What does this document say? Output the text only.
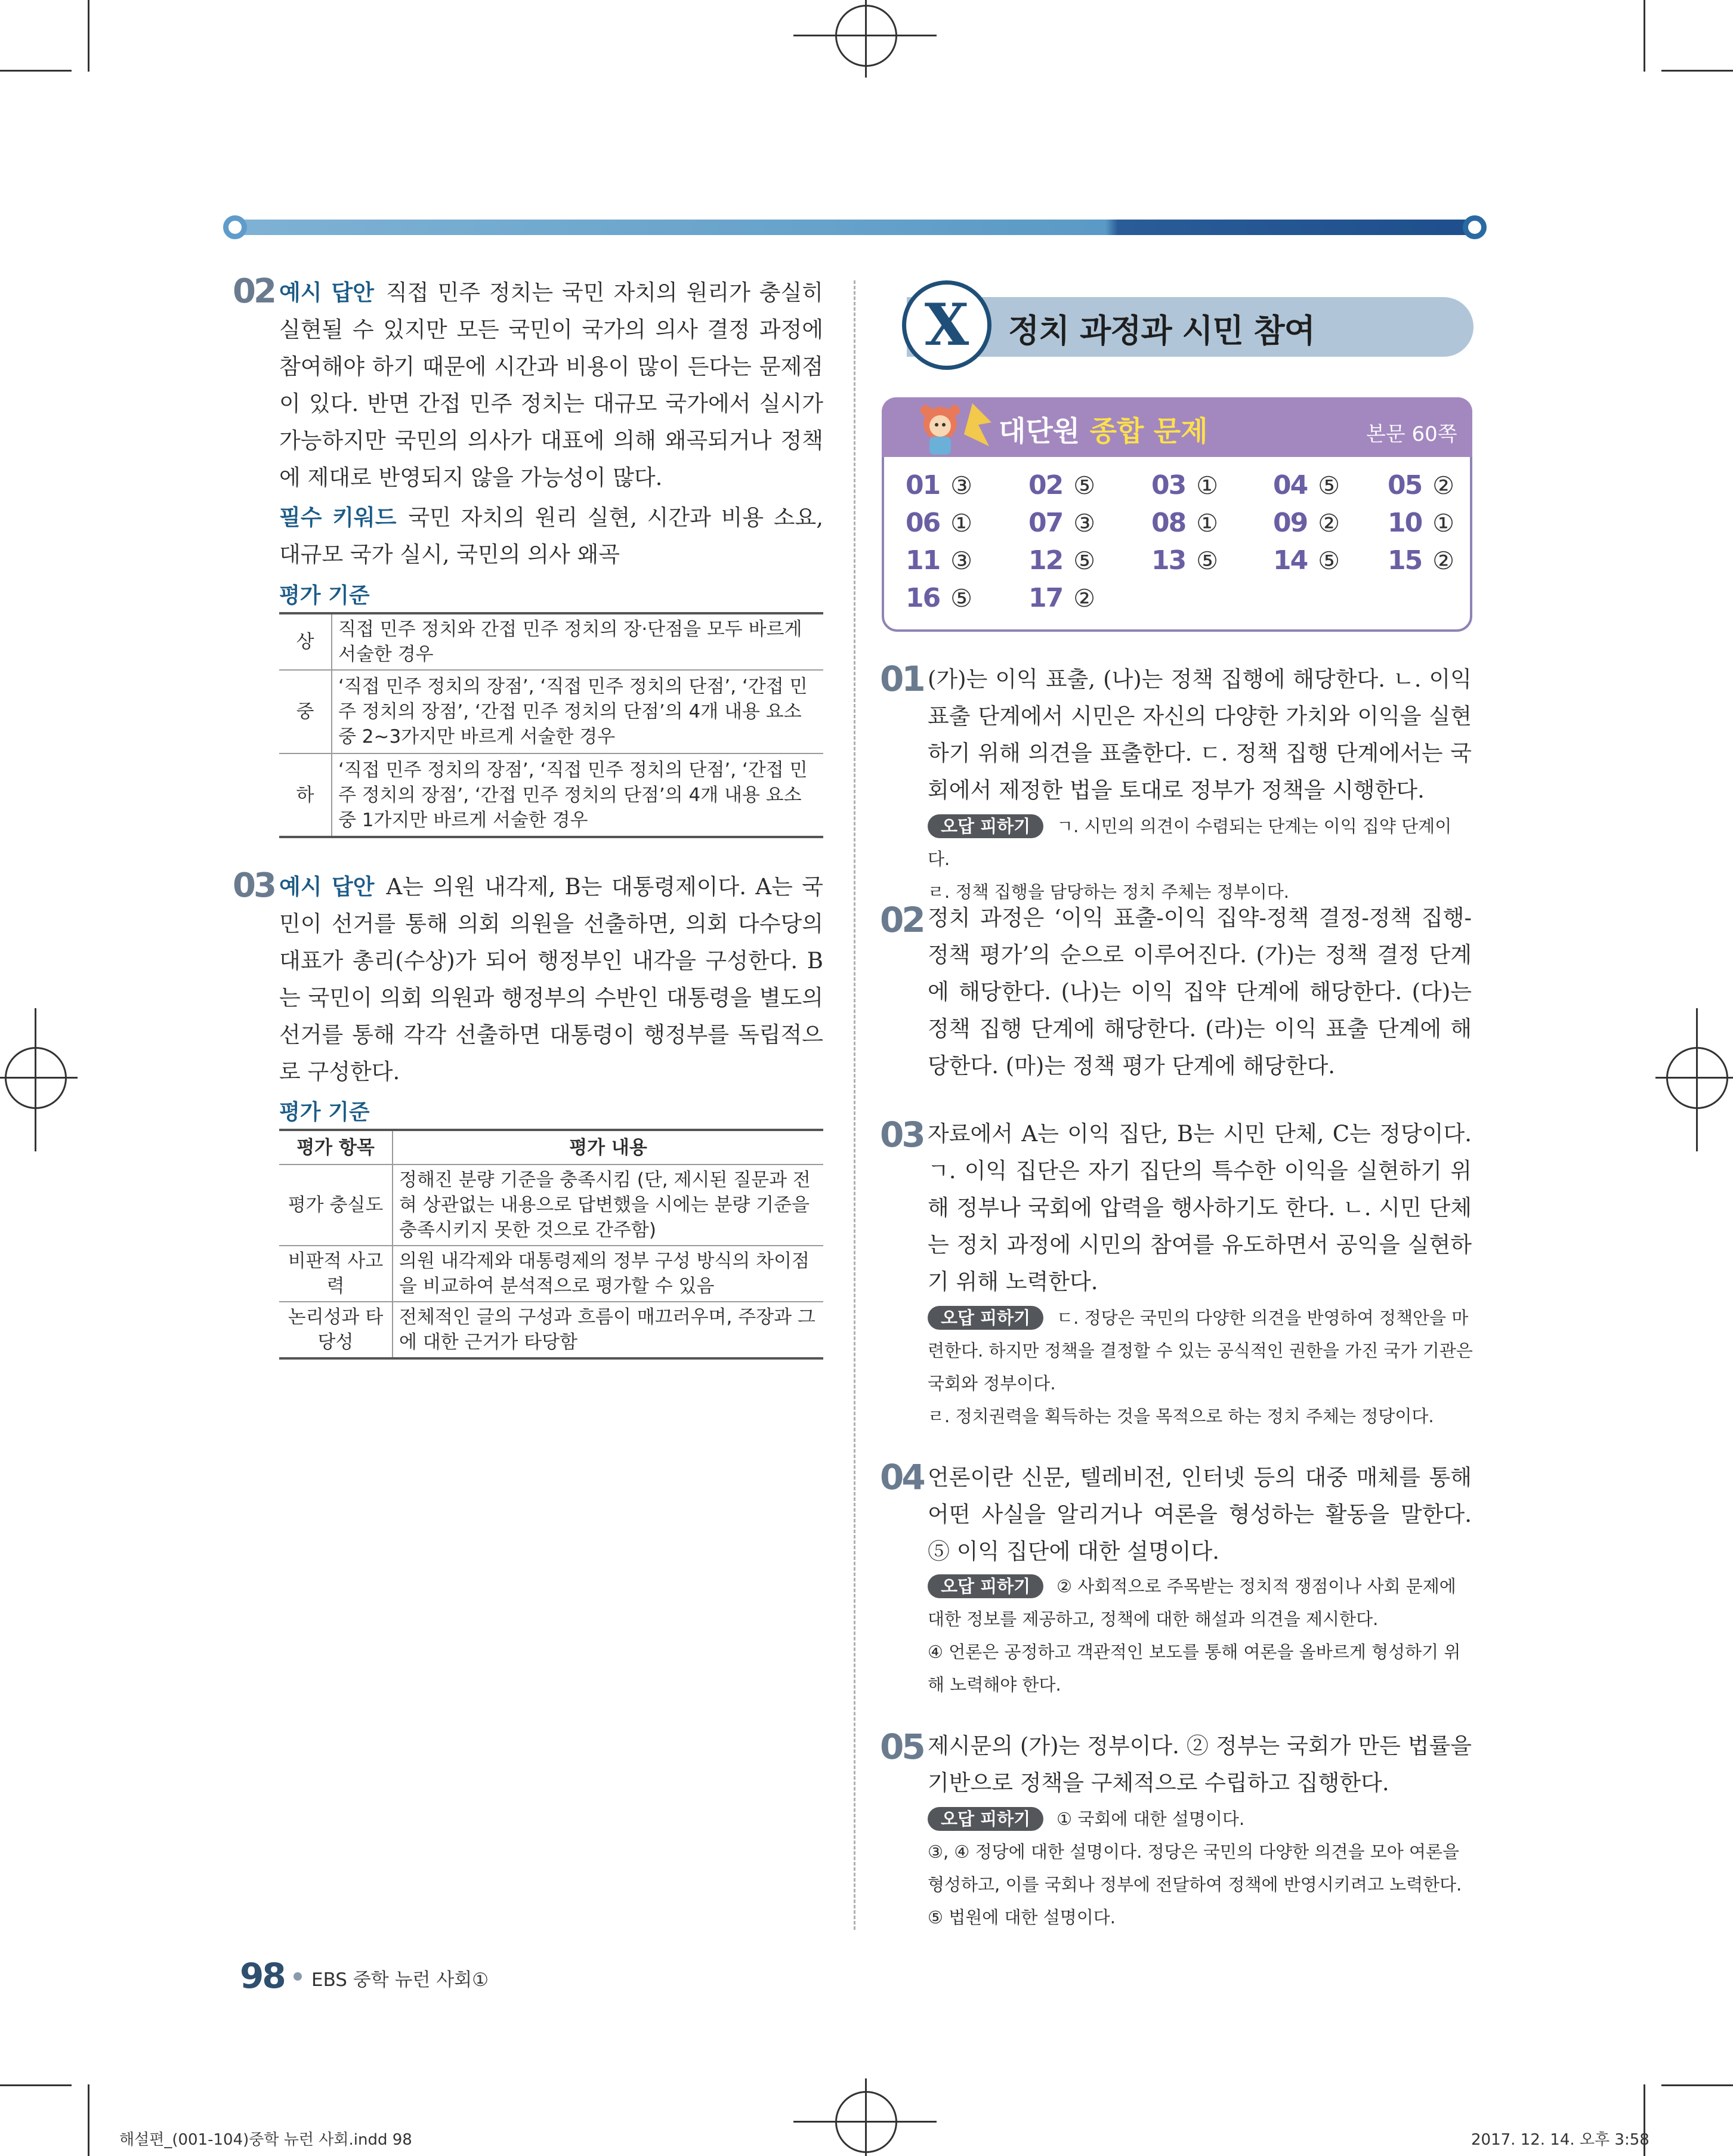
02 예시 답안 직접 민주 정치는 국민 자치의 원리가 충실히 실현될 수 있지만 모든 국민이 국가의 의사 결정 과정에 참여해야 하기 때문에 시간과 비용이 많이 든다는 문제점이 있다. 반면 간접 민주 정치는 대규모 국가에서 실시가 가능하지만 국민의 의사가 대표에 의해 왜곡되거나 정책에 제대로 반영되지 않을 가능성이 많다.
필수 키워드 국민 자치의 원리 실현, 시간과 비용 소요, 대규모 국가 실시, 국민의 의사 왜곡
평가 기준
상	직접 민주 정치와 간접 민주 정치의 장·단점을 모두 바르게 서술한 경우
중	‘직접 민주 정치의 장점’, ‘직접 민주 정치의 단점’, ‘간접 민주 정치의 장점’, ‘간접 민주 정치의 단점’의 4개 내용 요소 중 2~3가지만 바르게 서술한 경우
하	‘직접 민주 정치의 장점’, ‘직접 민주 정치의 단점’, ‘간접 민주 정치의 장점’, ‘간접 민주 정치의 단점’의 4개 내용 요소 중 1가지만 바르게 서술한 경우
03 예시 답안 A는 의원 내각제, B는 대통령제이다. A는 국민이 선거를 통해 의회 의원을 선출하면, 의회 다수당의 대표가 총리(수상)가 되어 행정부인 내각을 구성한다. B는 국민이 의회 의원과 행정부의 수반인 대통령을 별도의 선거를 통해 각각 선출하면 대통령이 행정부를 독립적으로 구성한다.
평가 기준
평가 항목	평가 내용
평가 충실도	정해진 분량 기준을 충족시킴 (단, 제시된 질문과 전혀 상관없는 내용으로 답변했을 시에는 분량 기준을 충족시키지 못한 것으로 간주함)
비판적 사고력	의원 내각제와 대통령제의 정부 구성 방식의 차이점을 비교하여 분석적으로 평가할 수 있음
논리성과 타당성	전체적인 글의 구성과 흐름이 매끄러우며, 주장과 그에 대한 근거가 타당함
X	정치 과정과 시민 참여
대단원 종합 문제	본문 60쪽
01 ③ 02 ⑤ 03 ① 04 ⑤ 05 ②
06 ① 07 ③ 08 ① 09 ② 10 ①
11 ③ 12 ⑤ 13 ⑤ 14 ⑤ 15 ②
16 ⑤ 17 ②
01 (가)는 이익 표출, (나)는 정책 집행에 해당한다. ㄴ. 이익 표출 단계에서 시민은 자신의 다양한 가치와 이익을 실현하기 위해 의견을 표출한다. ㄷ. 정책 집행 단계에서는 국회에서 제정한 법을 토대로 정부가 정책을 시행한다.
오답 피하기 ㄱ. 시민의 의견이 수렴되는 단계는 이익 집약 단계이다.
ㄹ. 정책 집행을 담당하는 정치 주체는 정부이다.
02 정치 과정은 ‘이익 표출-이익 집약-정책 결정-정책 집행-정책 평가’의 순으로 이루어진다. (가)는 정책 결정 단계에 해당한다. (나)는 이익 집약 단계에 해당한다. (다)는 정책 집행 단계에 해당한다. (라)는 이익 표출 단계에 해당한다. (마)는 정책 평가 단계에 해당한다.
03 자료에서 A는 이익 집단, B는 시민 단체, C는 정당이다. ㄱ. 이익 집단은 자기 집단의 특수한 이익을 실현하기 위해 정부나 국회에 압력을 행사하기도 한다. ㄴ. 시민 단체는 정치 과정에 시민의 참여를 유도하면서 공익을 실현하기 위해 노력한다.
오답 피하기 ㄷ. 정당은 국민의 다양한 의견을 반영하여 정책안을 마련한다. 하지만 정책을 결정할 수 있는 공식적인 권한을 가진 국가 기관은 국회와 정부이다.
ㄹ. 정치권력을 획득하는 것을 목적으로 하는 정치 주체는 정당이다.
04 언론이란 신문, 텔레비전, 인터넷 등의 대중 매체를 통해 어떤 사실을 알리거나 여론을 형성하는 활동을 말한다. ⑤ 이익 집단에 대한 설명이다.
오답 피하기 ② 사회적으로 주목받는 정치적 쟁점이나 사회 문제에 대한 정보를 제공하고, 정책에 대한 해설과 의견을 제시한다.
④ 언론은 공정하고 객관적인 보도를 통해 여론을 올바르게 형성하기 위해 노력해야 한다.
05 제시문의 (가)는 정부이다. ② 정부는 국회가 만든 법률을 기반으로 정책을 구체적으로 수립하고 집행한다.
오답 피하기 ① 국회에 대한 설명이다.
③, ④ 정당에 대한 설명이다. 정당은 국민의 다양한 의견을 모아 여론을 형성하고, 이를 국회나 정부에 전달하여 정책에 반영시키려고 노력한다.
⑤ 법원에 대한 설명이다.
98 EBS 중학 뉴런 사회①
해설편_(001-104)중학 뉴런 사회.indd 98	2017. 12. 14. 오후 3:58
